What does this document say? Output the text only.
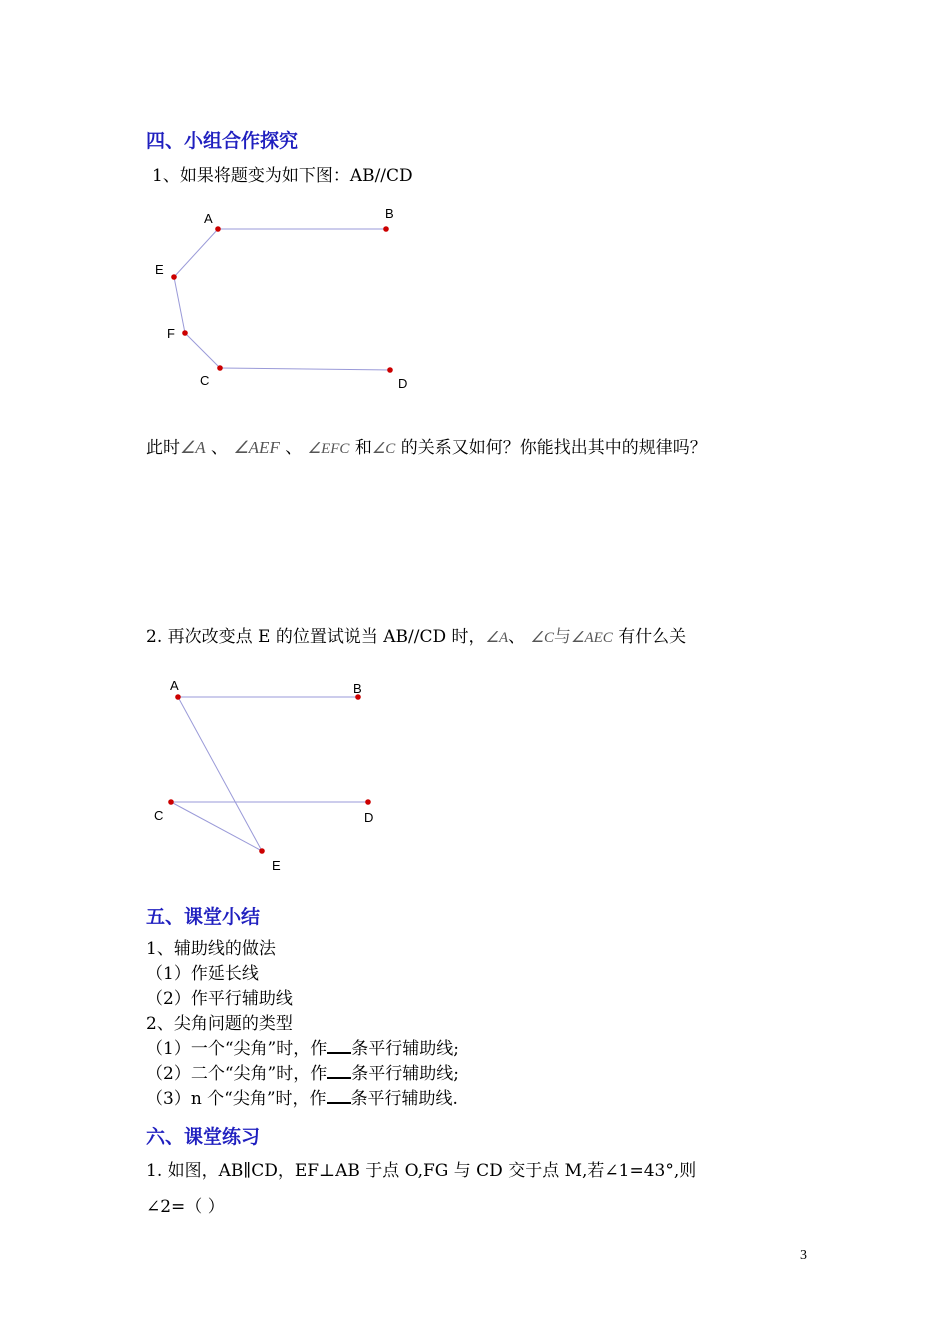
四、小组合作探究
1、如果将题变为如下图：AB//CD
A	B
E
F
C	D
此时∠A 、 ∠AEF 、 ∠EFC 和∠C 的关系又如何？你能找出其中的规律吗？
2. 再次改变点 E 的位置试说当 AB//CD 时，∠A、 ∠C与∠AEC 有什么关
A	B
C	D
E
五、课堂小结
1、辅助线的做法
（1）作延长线
（2）作平行辅助线
2、尖角问题的类型
（1）一个“尖角”时，作 条平行辅助线;
（2）二个“尖角”时，作 条平行辅助线;
（3）n 个“尖角”时，作 条平行辅助线.
六、课堂练习
1. 如图，AB∥CD，EF⊥AB 于点 O,FG 与 CD 交于点 M,若∠1=43°,则
∠2=（ ）
3
